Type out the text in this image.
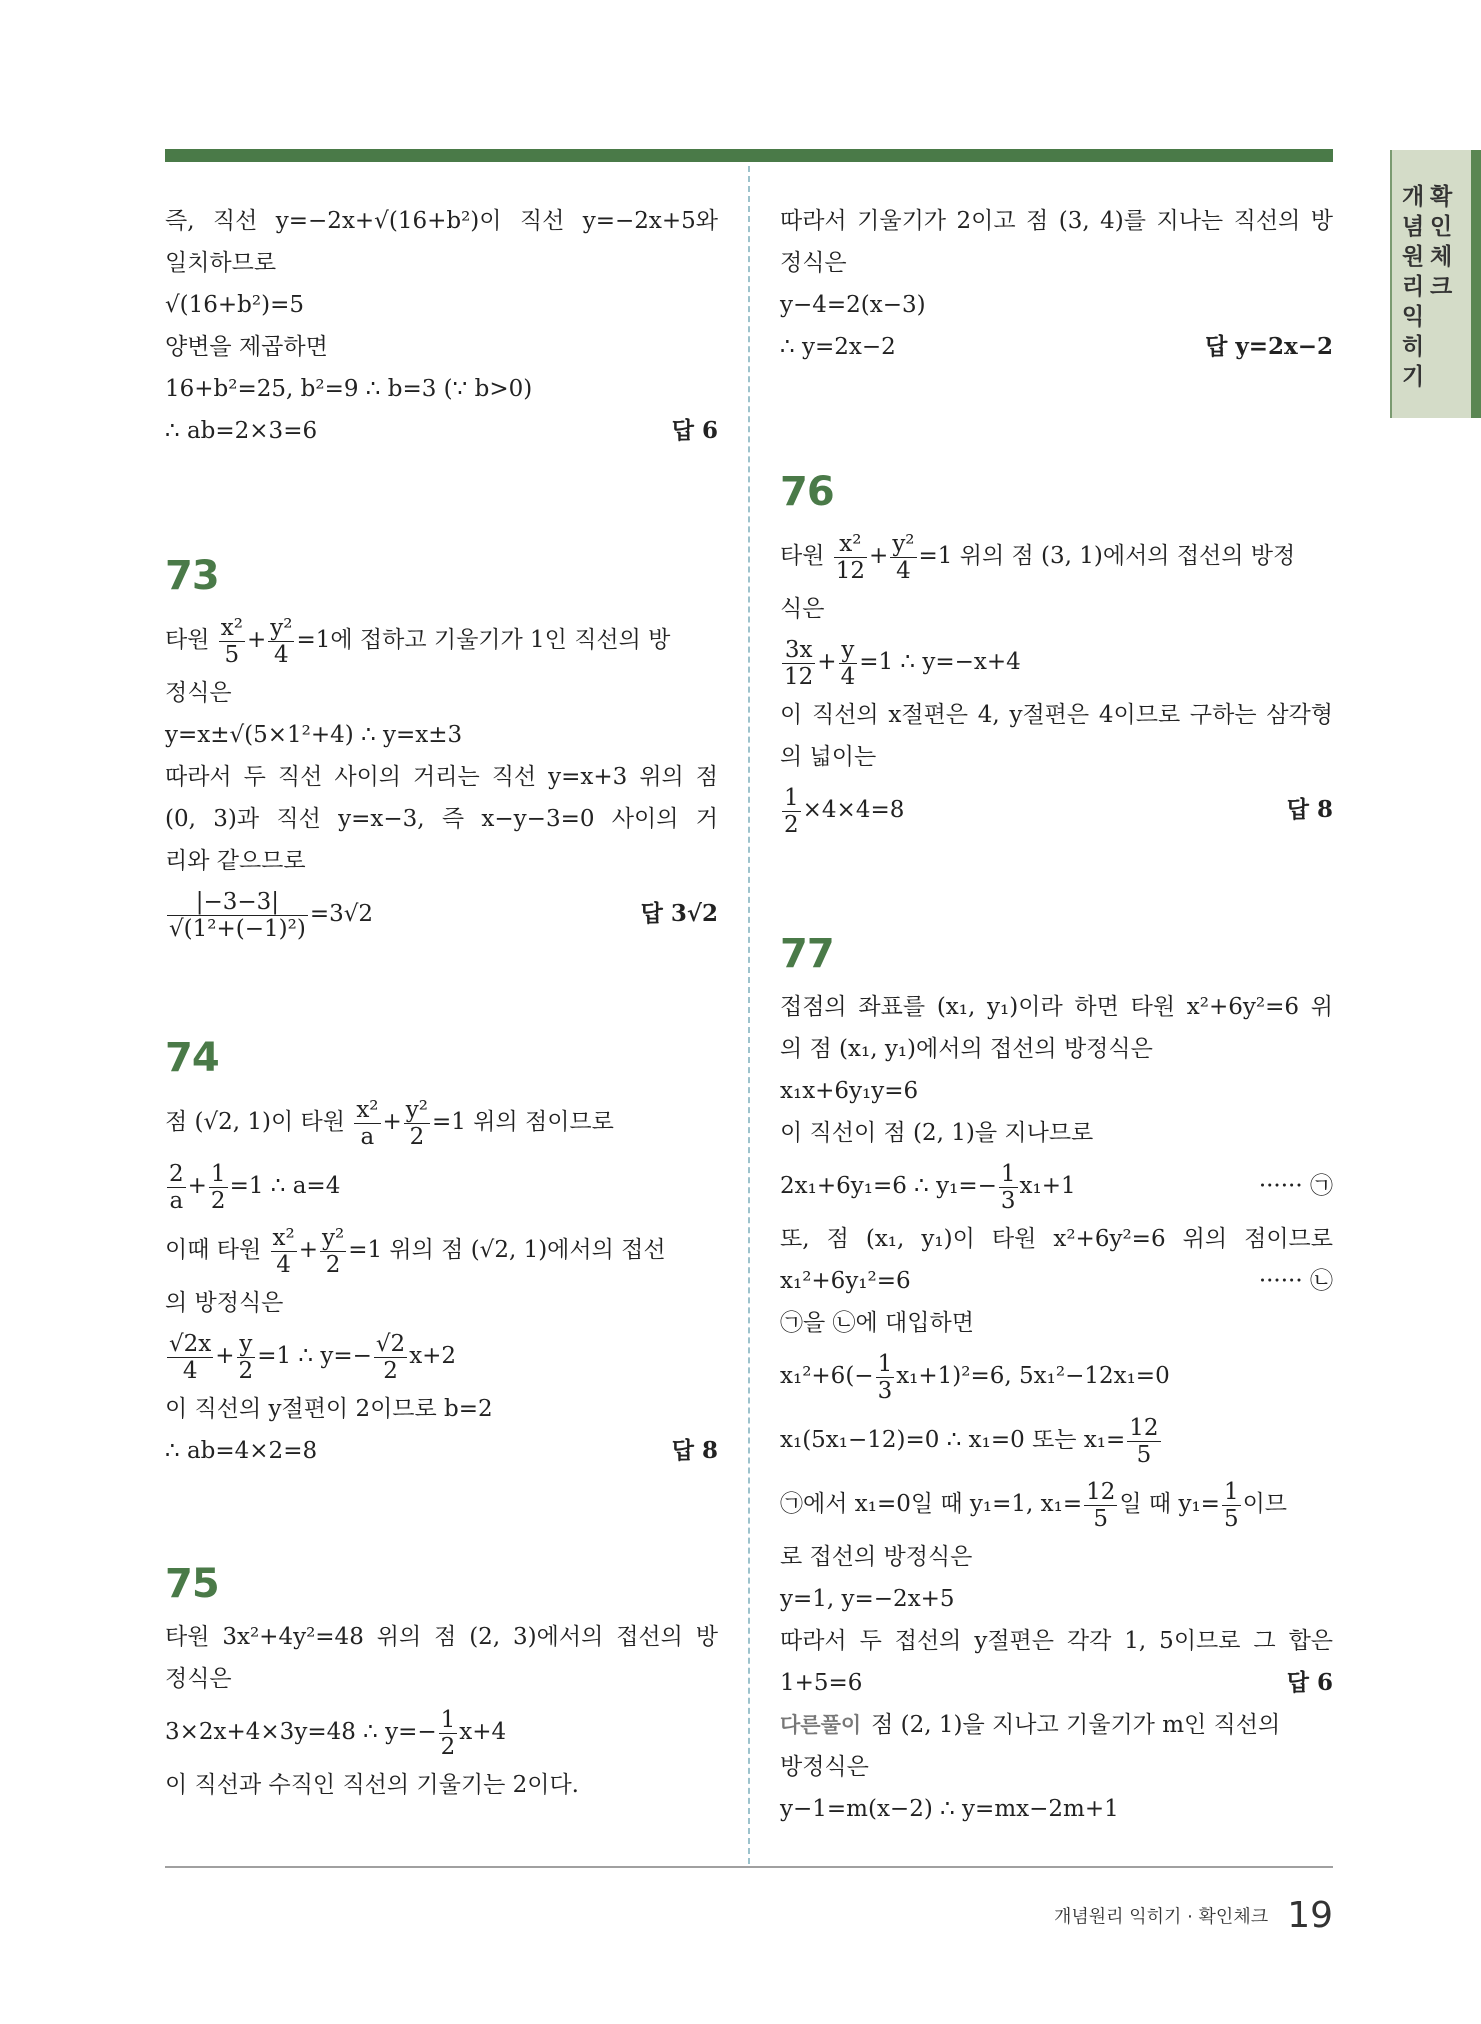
개념원리익히기
확인체크
즉, 직선 y=−2x+√(16+b²)이 직선 y=−2x+5와
일치하므로
√(16+b²)=5
양변을 제곱하면
16+b²=25, b²=9 ∴ b=3 (∵ b>0)
∴ ab=2×3=6	답 6
73
타원 $\frac{\text{x²}}{5} + \frac{\text{y²}}{4} =1$에 접하고 기울기가 1인 직선의 방
정식은
y=x±√(5×1²+4) ∴ y=x±3
따라서 두 직선 사이의 거리는 직선 y=x+3 위의 점
(0, 3)과 직선 y=x−3, 즉 x−y−3=0 사이의 거
리와 같으므로
$\frac{|-3-3|}{\text{√(1²+(−1)²)}} =3√2$	답 3√2
74
점 (√2, 1)이 타원 $\frac{\text{x²}}{a} + \frac{\text{y²}}{2} =1$ 위의 점이므로
$\frac{2}{a} + \frac{1}{2} =1$ ∴ a=4
이때 타원 $\frac{\text{x²}}{4} + \frac{\text{y²}}{2} =1$ 위의 점 (√2, 1)에서의 접선
의 방정식은
$\frac{√2x}{4} + \frac{y}{2} =1$ ∴ $y=- \frac{√2}{2} x+2$
이 직선의 y절편이 2이므로 b=2
∴ ab=4×2=8	답 8
75
타원 3x²+4y²=48 위의 점 (2, 3)에서의 접선의 방
정식은
3×2x+4×3y=48 ∴ $y=- \frac{1}{2} x+4$
이 직선과 수직인 직선의 기울기는 2이다.
따라서 기울기가 2이고 점 (3, 4)를 지나는 직선의 방
정식은
y−4=2(x−3)
∴ y=2x−2	답 y=2x−2
76
타원 $\frac{\text{x²}}{12} + \frac{\text{y²}}{4} =1$ 위의 점 (3, 1)에서의 접선의 방정
식은
$\frac{3x}{12} + \frac{y}{4} =1$ ∴ y=−x+4
이 직선의 x절편은 4, y절편은 4이므로 구하는 삼각형
의 넓이는
$\frac{1}{2} \times 4\times 4=8$	답 8
77
접점의 좌표를 (x₁, y₁)이라 하면 타원 x²+6y²=6 위
의 점 (x₁, y₁)에서의 접선의 방정식은
x₁x+6y₁y=6
이 직선이 점 (2, 1)을 지나므로
2x₁+6y₁=6 ∴ $y_1=- \frac{1}{3} x_1+1$	······ ㉠
또, 점 (x₁, y₁)이 타원 x²+6y²=6 위의 점이므로
x₁²+6y₁²=6	······ ㉡
㉠을 ㉡에 대입하면
$x_1^2+6(- \frac{1}{3} x_1+1)^2=6$, 5x₁²−12x₁=0
x₁(5x₁−12)=0 ∴ x₁=0 또는 $x_1= \frac{12}{5}$
㉠에서 x₁=0일 때 y₁=1, $x_1= \frac{12}{5}$ 일 때 $y_1= \frac{1}{5}$ 이므
로 접선의 방정식은
y=1, y=−2x+5
따라서 두 접선의 y절편은 각각 1, 5이므로 그 합은
1+5=6	답 6
다른풀이 점 (2, 1)을 지나고 기울기가 m인 직선의
방정식은
y−1=m(x−2) ∴ y=mx−2m+1
개념원리 익히기 · 확인체크 19
